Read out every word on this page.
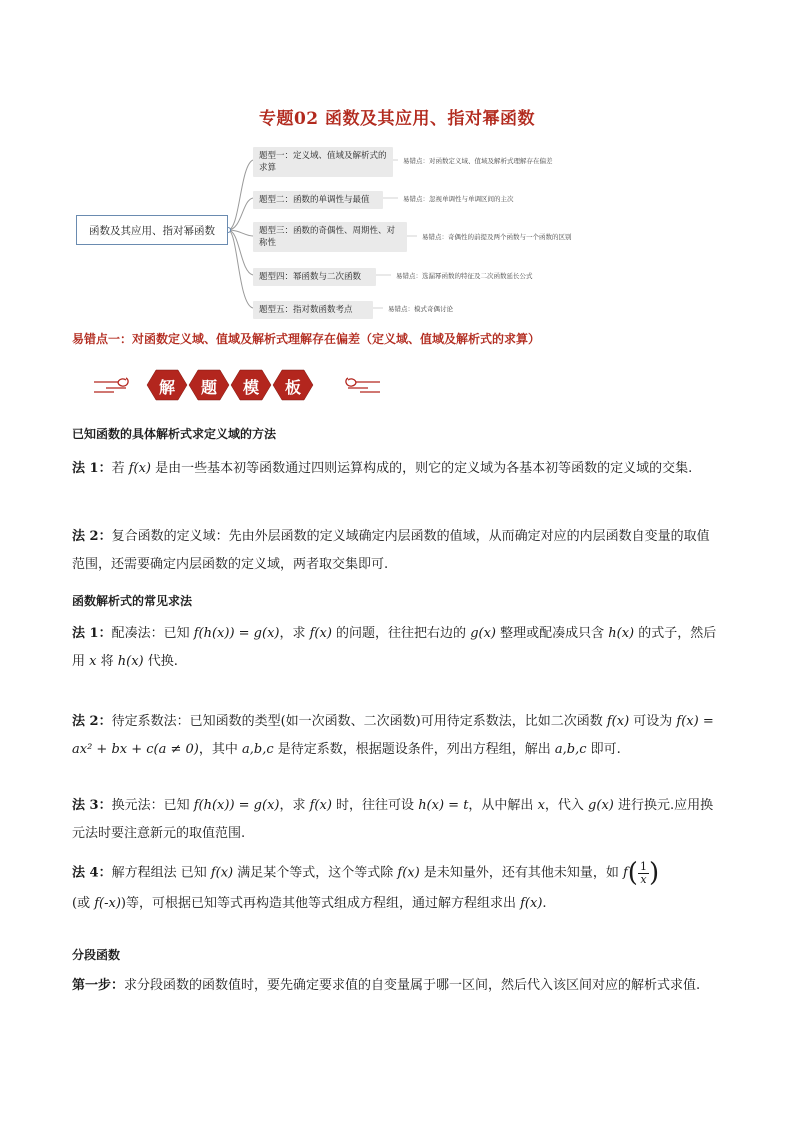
专题02 函数及其应用、指对幂函数
函数及其应用、指对幂函数
题型一：定义域、值域及解析式的求算
易错点：对函数定义域、值域及解析式理解存在偏差
题型二：函数的单调性与最值	易错点：忽视单调性与单调区间的主次
题型三：函数的奇偶性、周期性、对称性
易错点：奇偶性的前提及两个函数与一个函数的区别
题型四：幂函数与二次函数	易错点：选漏幂函数的特征及二次函数延长公式
题型五：指对数函数考点	易错点：模式奇偶讨论
易错点一：对函数定义域、值域及解析式理解存在偏差（定义域、值域及解析式的求算）
解	题	模	板
已知函数的具体解析式求定义域的方法
法 1：若 f(x) 是由一些基本初等函数通过四则运算构成的，则它的定义域为各基本初等函数的定义域的交集.
法 2：复合函数的定义域：先由外层函数的定义域确定内层函数的值域，从而确定对应的内层函数自变量的取值范围，还需要确定内层函数的定义域，两者取交集即可.
函数解析式的常见求法
法 1：配凑法：已知 f(h(x)) = g(x)，求 f(x) 的问题，往往把右边的 g(x) 整理或配凑成只含 h(x) 的式子，然后用 x 将 h(x) 代换.
法 2：待定系数法：已知函数的类型(如一次函数、二次函数)可用待定系数法，比如二次函数 f(x) 可设为 f(x) = ax² + bx + c(a ≠ 0)，其中 a,b,c 是待定系数，根据题设条件，列出方程组，解出 a,b,c 即可.
法 3：换元法：已知 f(h(x)) = g(x)，求 f(x) 时，往往可设 h(x) = t，从中解出 x，代入 g(x) 进行换元.应用换元法时要注意新元的取值范围.
法 4：解方程组法 已知 f(x) 满足某个等式，这个等式除 f(x) 是未知量外，还有其他未知量，如 $f( \frac{1}{x}$ )
(或 f(-x))等，可根据已知等式再构造其他等式组成方程组，通过解方程组求出 f(x).
分段函数
第一步：求分段函数的函数值时，要先确定要求值的自变量属于哪一区间，然后代入该区间对应的解析式求值.
